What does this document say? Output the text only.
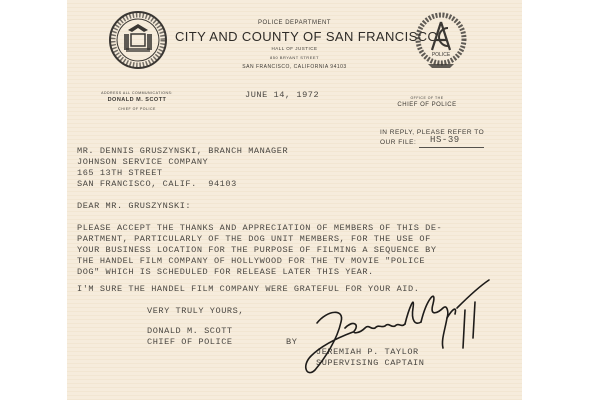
POLICE DEPARTMENT
CITY AND COUNTY OF SAN FRANCISCO
HALL OF JUSTICE
850 BRYANT STREET
SAN FRANCISCO, CALIFORNIA 94103
POLICE
ADDRESS ALL COMMUNICATIONS:
DONALD M. SCOTT
CHIEF OF POLICE
JUNE 14, 1972	OFFICE OF THE
CHIEF OF POLICE
IN REPLY, PLEASE REFER TO
OUR FILE: HS-39
MR. DENNIS GRUSZYNSKI, BRANCH MANAGER
JOHNSON SERVICE COMPANY
165 13TH STREET
SAN FRANCISCO, CALIF.  94103
DEAR MR. GRUSZYNSKI:
PLEASE ACCEPT THE THANKS AND APPRECIATION OF MEMBERS OF THIS DE-
PARTMENT, PARTICULARLY OF THE DOG UNIT MEMBERS, FOR THE USE OF
YOUR BUSINESS LOCATION FOR THE PURPOSE OF FILMING A SEQUENCE BY
THE HANDEL FILM COMPANY OF HOLLYWOOD FOR THE TV MOVIE "POLICE
DOG" WHICH IS SCHEDULED FOR RELEASE LATER THIS YEAR.
I'M SURE THE HANDEL FILM COMPANY WERE GRATEFUL FOR YOUR AID.
VERY TRULY YOURS,
DONALD M. SCOTT
CHIEF OF POLICE	BY
JEREMIAH P. TAYLOR
SUPERVISING CAPTAIN
